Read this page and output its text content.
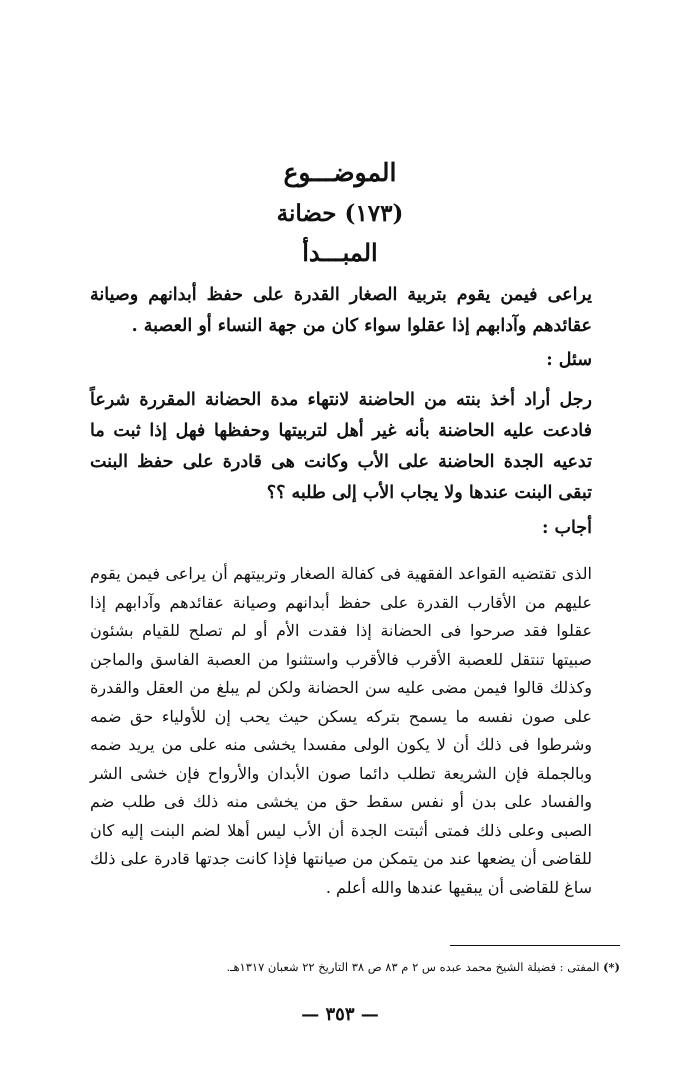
الموضـــوع
(١٧٣) حضانة
المبـــدأ

يراعى فيمن يقوم بتربية الصغار القدرة على حفظ أبدانهم وصيانة عقائدهم وآدابهم إذا عقلوا سواء كان من جهة النساء أو العصبة .

سئل :

رجل أراد أخذ بنته من الحاضنة لانتهاء مدة الحضانة المقررة شرعاً فادعت عليه الحاضنة بأنه غير أهل لتربيتها وحفظها فهل إذا ثبت ما تدعيه الجدة الحاضنة على الأب وكانت هى قادرة على حفظ البنت تبقى البنت عندها ولا يجاب الأب إلى طلبه ؟؟

أجاب :

الذى تقتضيه القواعد الفقهية فى كفالة الصغار وتربيتهم أن يراعى فيمن يقوم عليهم من الأقارب القدرة على حفظ أبدانهم وصيانة عقائدهم وآدابهم إذا عقلوا فقد صرحوا فى الحضانة إذا فقدت الأم أو لم تصلح للقيام بشئون صبيتها تنتقل للعصبة الأقرب فالأقرب واستثنوا من العصبة الفاسق والماجن وكذلك قالوا فيمن مضى عليه سن الحضانة ولكن لم يبلغ من العقل والقدرة على صون نفسه ما يسمح بتركه يسكن حيث يحب إن للأولياء حق ضمه وشرطوا فى ذلك أن لا يكون الولى مفسدا يخشى منه على من يريد ضمه وبالجملة فإن الشريعة تطلب دائما صون الأبدان والأرواح فإن خشى الشر والفساد على بدن أو نفس سقط حق من يخشى منه ذلك فى طلب ضم الصبى وعلى ذلك فمتى أثبتت الجدة أن الأب ليس أهلا لضم البنت إليه كان للقاضى أن يضعها عند من يتمكن من صيانتها فإذا كانت جدتها قادرة على ذلك ساغ للقاضى أن يبقيها عندها والله أعلم .

(*) المفتى : فضيلة الشيخ محمد عبده س ٢ م ٨٣ ص ٣٨ التاريخ ٢٢ شعبان ١٣١٧هـ.

— ٣٥٣ —
